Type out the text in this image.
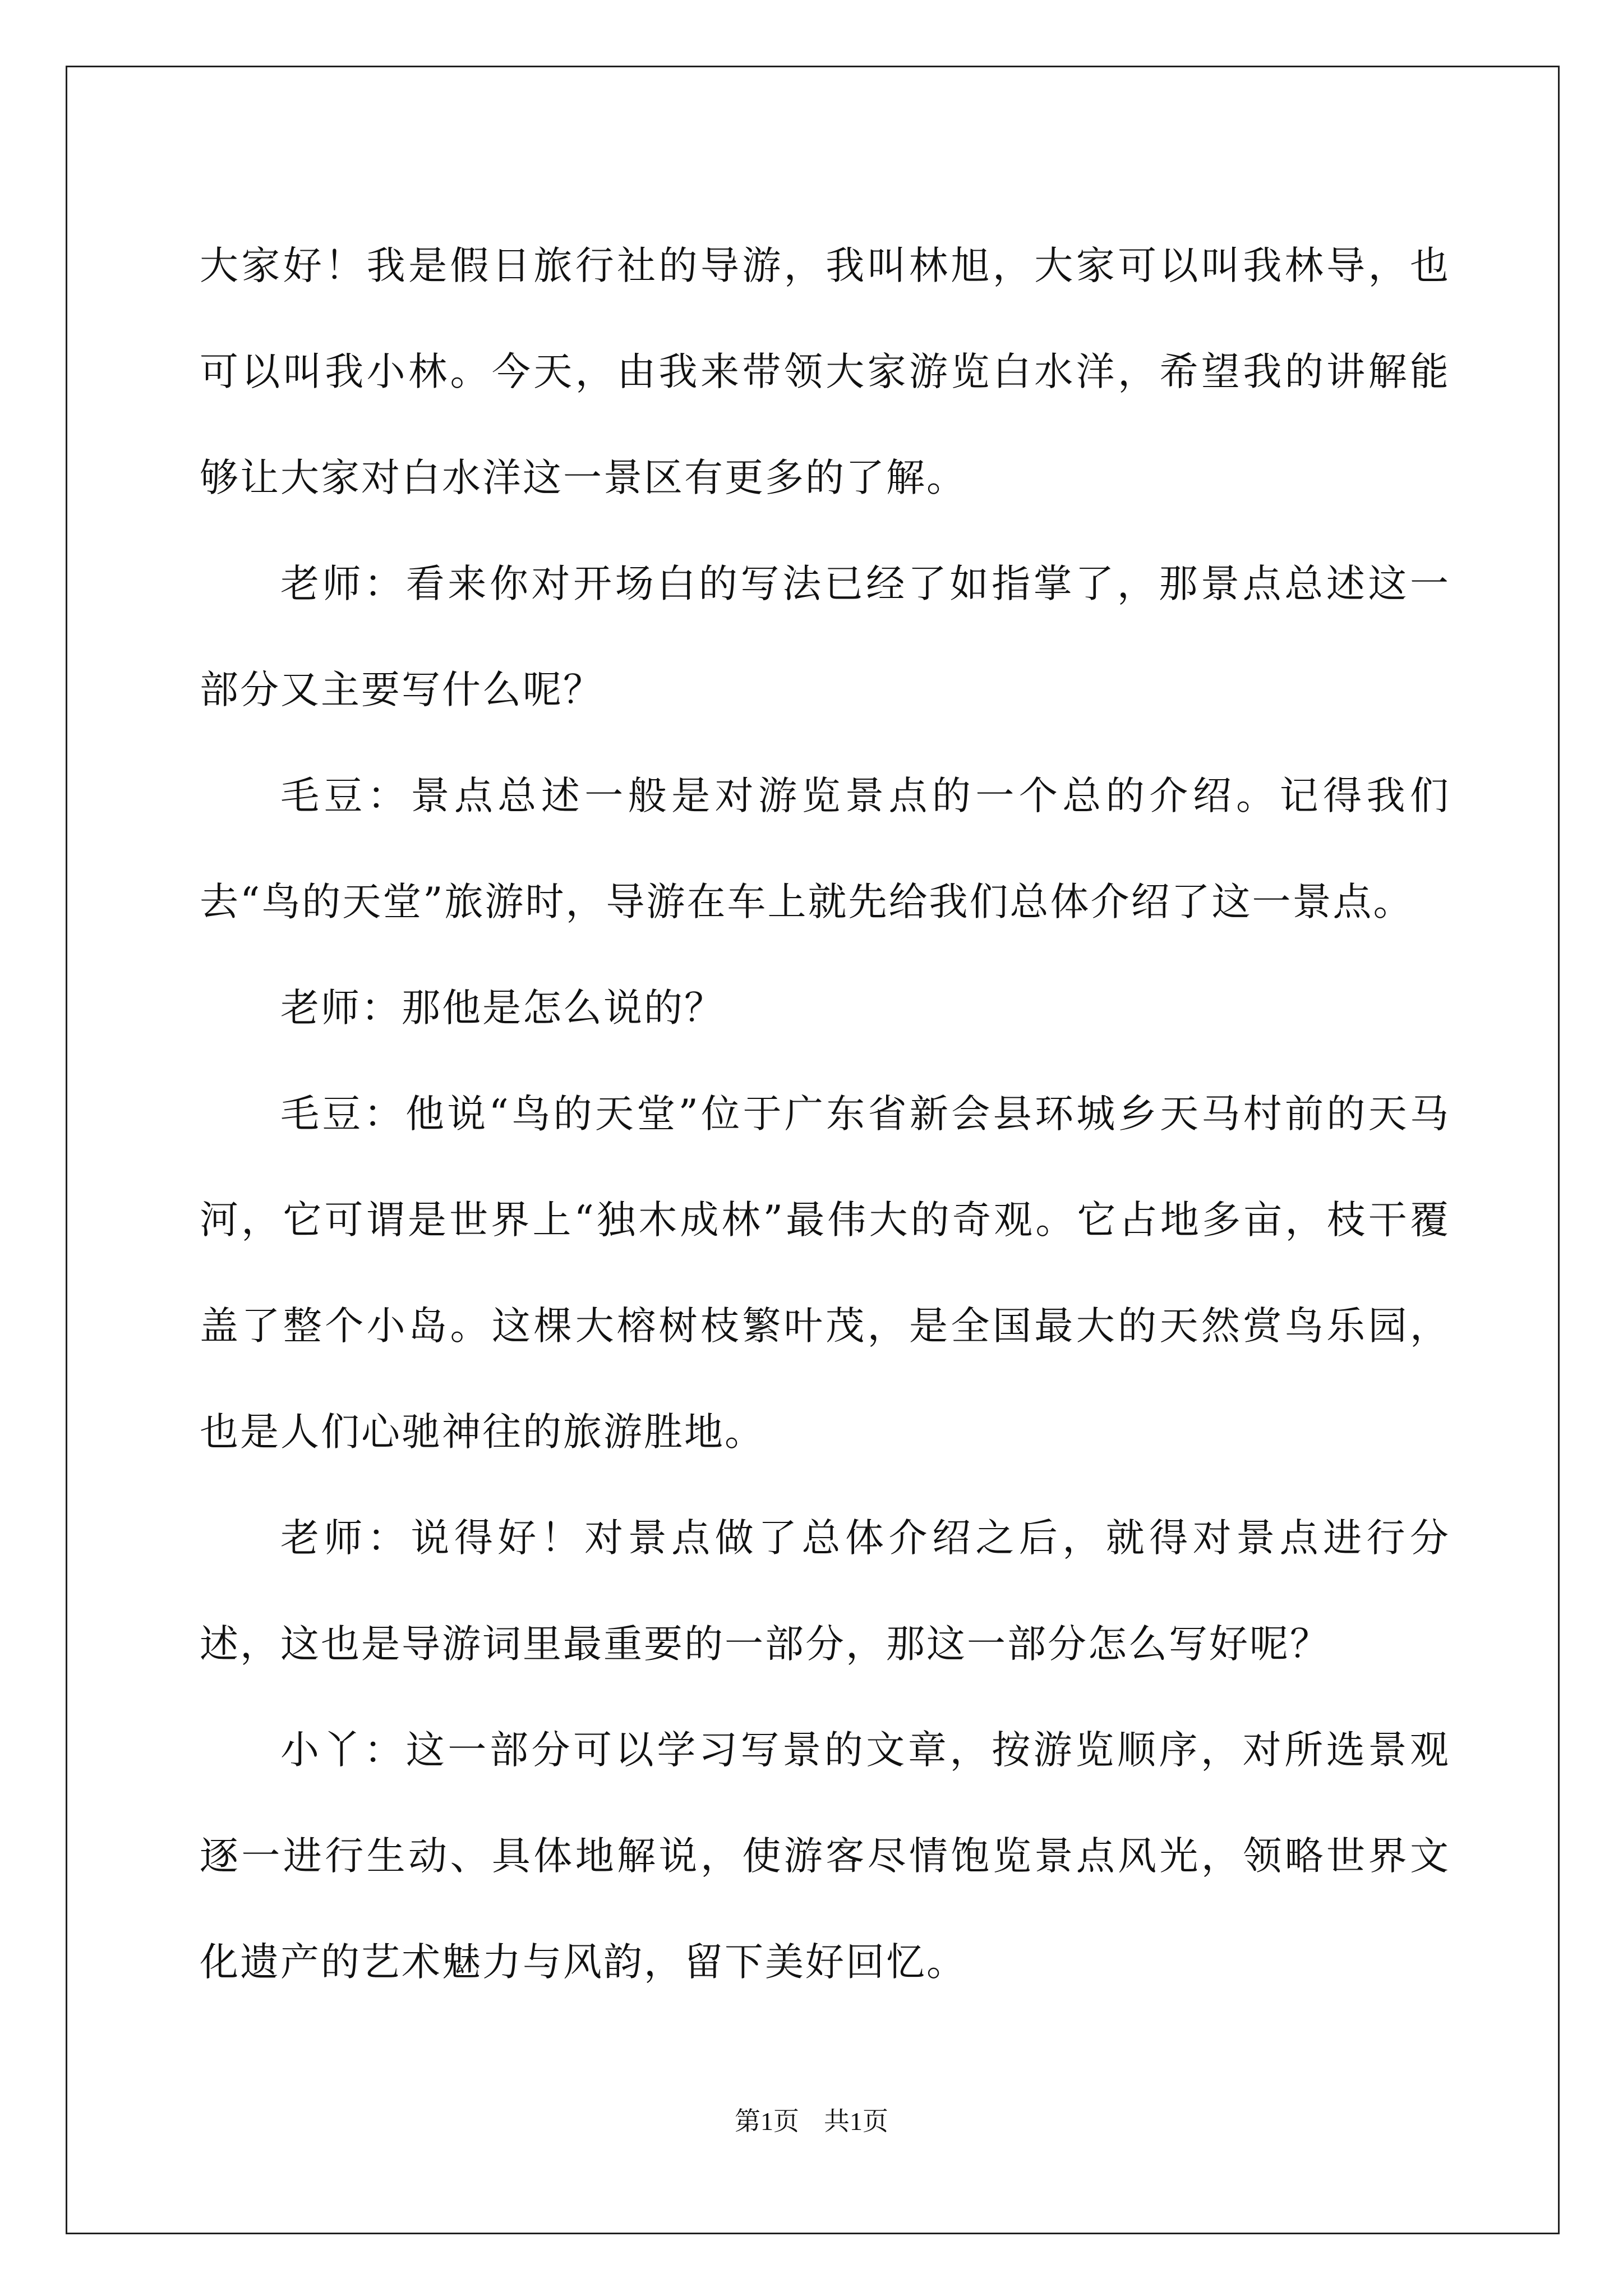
大家好！我是假日旅行社的导游，我叫林旭，大家可以叫我林导，也可以叫我小林。今天，由我来带领大家游览白水洋，希望我的讲解能够让大家对白水洋这一景区有更多的了解。

老师：看来你对开场白的写法已经了如指掌了，那景点总述这一部分又主要写什么呢？

毛豆：景点总述一般是对游览景点的一个总的介绍。记得我们去“鸟的天堂”旅游时，导游在车上就先给我们总体介绍了这一景点。

老师：那他是怎么说的？

毛豆：他说“鸟的天堂”位于广东省新会县环城乡天马村前的天马河，它可谓是世界上“独木成林”最伟大的奇观。它占地多亩，枝干覆盖了整个小岛。这棵大榕树枝繁叶茂，是全国最大的天然赏鸟乐园，也是人们心驰神往的旅游胜地。

老师：说得好！对景点做了总体介绍之后，就得对景点进行分述，这也是导游词里最重要的一部分，那这一部分怎么写好呢？

小丫：这一部分可以学习写景的文章，按游览顺序，对所选景观逐一进行生动、具体地解说，使游客尽情饱览景点风光，领略世界文化遗产的艺术魅力与风韵，留下美好回忆。

第1页 共1页
